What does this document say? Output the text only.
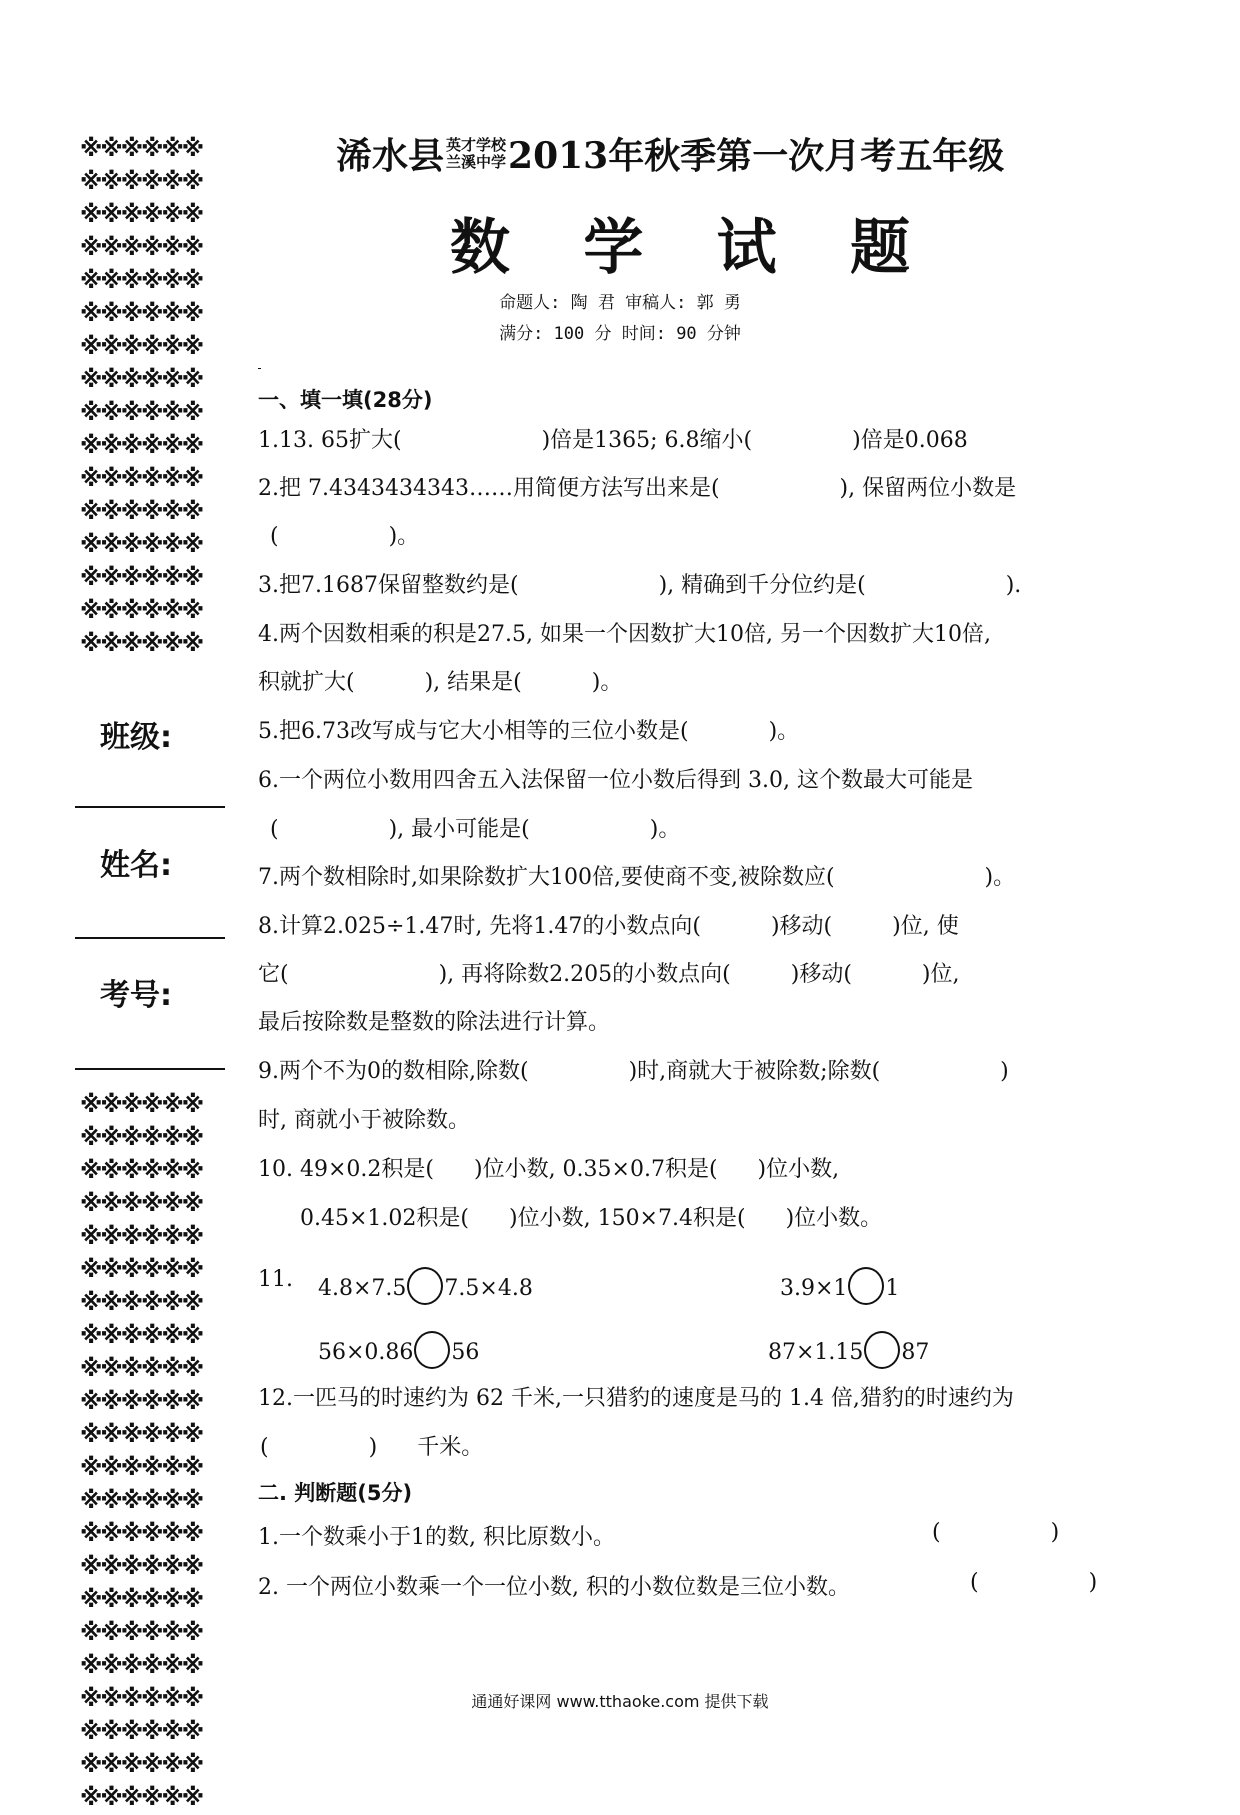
※※※※※※
※※※※※※
※※※※※※
※※※※※※
※※※※※※
※※※※※※
※※※※※※
※※※※※※
※※※※※※
※※※※※※
※※※※※※
※※※※※※
※※※※※※
※※※※※※
※※※※※※
※※※※※※
班级:
姓名:
考号:
※※※※※※
※※※※※※
※※※※※※
※※※※※※
※※※※※※
※※※※※※
※※※※※※
※※※※※※
※※※※※※
※※※※※※
※※※※※※
※※※※※※
※※※※※※
※※※※※※
※※※※※※
※※※※※※
※※※※※※
※※※※※※
※※※※※※
※※※※※※
※※※※※※
※※※※※※
浠水县 英才学校
兰溪中学 2013年秋季第一次月考五年级
数 学 试 题
命题人: 陶 君 审稿人: 郭 勇
满分: 100 分 时间: 90 分钟
一、填一填(28分)
1.13. 65扩大(	)倍是1365; 6.8缩小(	)倍是0.068
2.把 7.4343434343……用简便方法写出来是(	), 保留两位小数是
(	)。
3.把7.1687保留整数约是(	), 精确到千分位约是(	).
4.两个因数相乘的积是27.5, 如果一个因数扩大10倍, 另一个因数扩大10倍,
积就扩大(	), 结果是(	)。
5.把6.73改写成与它大小相等的三位小数是(	)。
6.一个两位小数用四舍五入法保留一位小数后得到 3.0, 这个数最大可能是
(	), 最小可能是(	)。
7.两个数相除时,如果除数扩大100倍,要使商不变,被除数应(	)。
8.计算2.025÷1.47时, 先将1.47的小数点向(	)移动(	)位, 使
它(	), 再将除数2.205的小数点向(	)移动(	)位,
最后按除数是整数的除法进行计算。
9.两个不为0的数相除,除数(	)时,商就大于被除数;除数(	)
时, 商就小于被除数。
10. 49×0.2积是( )位小数, 0.35×0.7积是( )位小数,
0.45×1.02积是( )位小数, 150×7.4积是( )位小数。
11. 4.8×7.5 7.5×4.8	3.9×1 1
56×0.86 56	87×1.15 87
12.一匹马的时速约为 62 千米,一只猎豹的速度是马的 1.4 倍,猎豹的时速约为
(	) 千米。
二. 判断题(5分)
1.一个数乘小于1的数, 积比原数小。	(	)
2. 一个两位小数乘一个一位小数, 积的小数位数是三位小数。	(	)
通通好课网 www.tthaoke.com 提供下载
